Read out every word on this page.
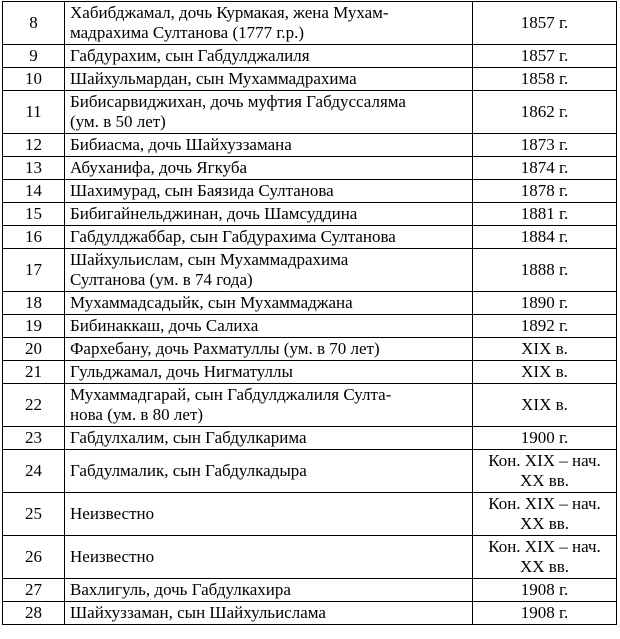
8	Хабибджамал, дочь Курмакая, жена Мухам-
мадрахима Султанова (1777 г.р.)	1857 г.

9	Габдурахим, сын Габдулджалиля	1857 г.

10	Шайхульмардан, сын Мухаммадрахима	1858 г.

11	Бибисарвиджихан, дочь муфтия Габдуссаляма
(ум. в 50 лет)	1862 г.

12	Бибиасма, дочь Шайхуззамана	1873 г.

13	Абуханифа, дочь Ягкуба	1874 г.

14	Шахимурад, сын Баязида Султанова	1878 г.

15	Бибигайнельджинан, дочь Шамсуддина	1881 г.

16	Габдулджаббар, сын Габдурахима Султанова	1884 г.

17	Шайхульислам, сын Мухаммадрахима
Султанова (ум. в 74 года)	1888 г.

18	Мухаммадсадыйк, сын Мухаммаджана	1890 г.

19	Бибинаккаш, дочь Салиха	1892 г.

20	Фархебану, дочь Рахматуллы (ум. в 70 лет)	XIX в.

21	Гульджамал, дочь Нигматуллы	XIX в.

22	Мухаммадгарай, сын Габдулджалиля Султа-
нова (ум. в 80 лет)	XIX в.

23	Габдулхалим, сын Габдулкарима	1900 г.

24	Габдулмалик, сын Габдулкадыра	Кон. XIX – нач.
XX вв.

25	Неизвестно	Кон. XIX – нач.
XX вв.

26	Неизвестно	Кон. XIX – нач.
XX вв.

27	Вахлигуль, дочь Габдулкахира	1908 г.

28	Шайхуззаман, сын Шайхульислама	1908 г.
